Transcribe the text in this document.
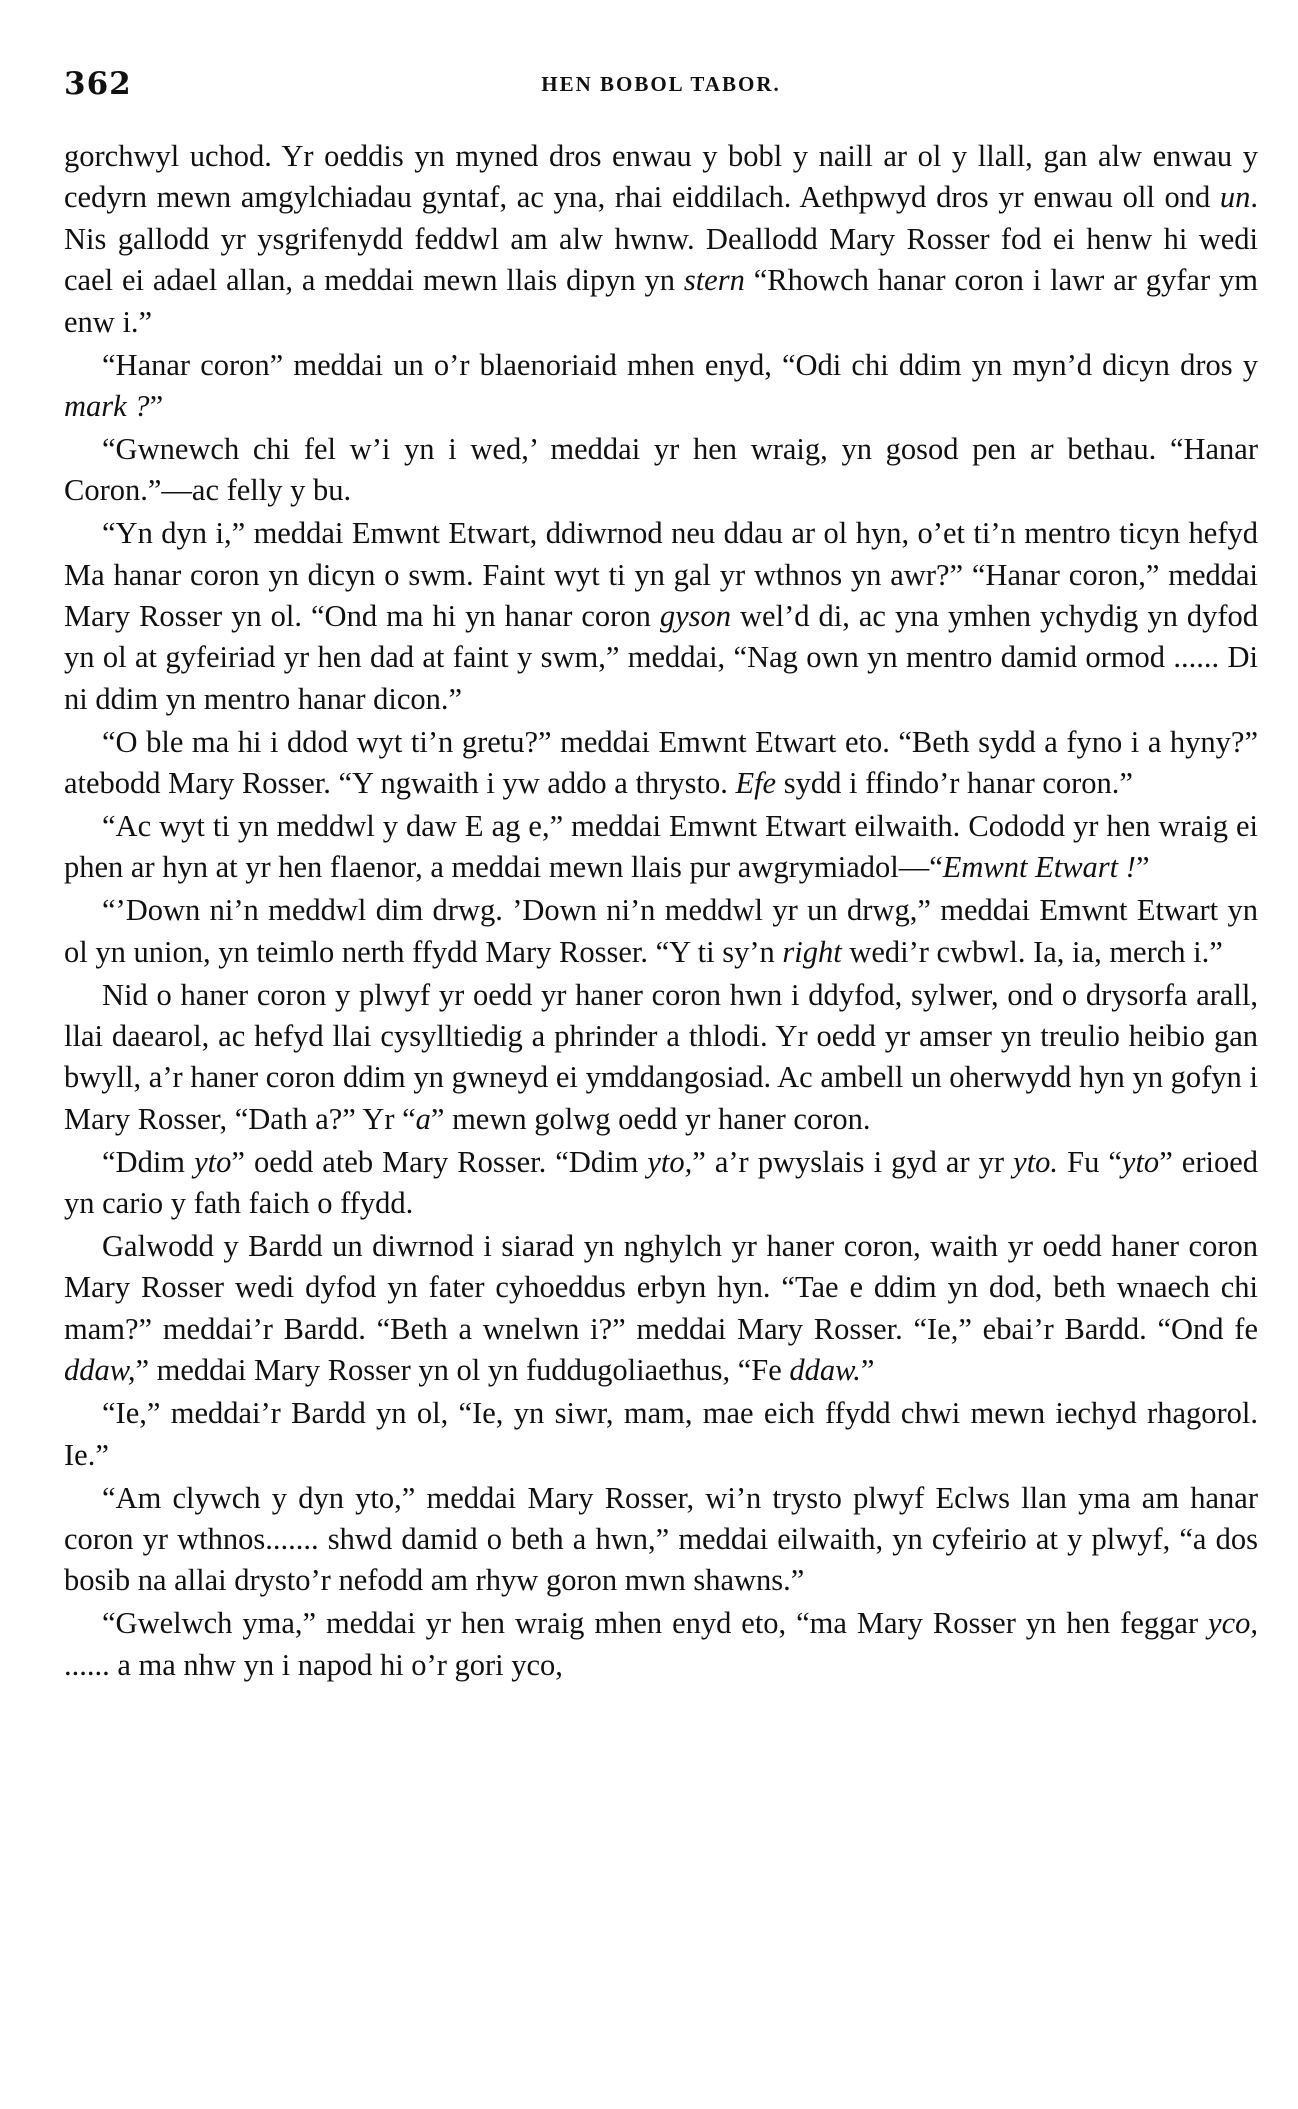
362	HEN BOBOL TABOR.

gorchwyl uchod. Yr oeddis yn myned dros enwau y bobl y naill ar ol y llall, gan alw enwau y cedyrn mewn amgylchiadau gyntaf, ac yna, rhai eiddilach. Aethpwyd dros yr enwau oll ond un. Nis gallodd yr ysgrifenydd feddwl am alw hwnw. Deallodd Mary Rosser fod ei henw hi wedi cael ei adael allan, a meddai mewn llais dipyn yn stern “Rhowch hanar coron i lawr ar gyfar ym enw i.”

“Hanar coron” meddai un o’r blaenoriaid mhen enyd, “Odi chi ddim yn myn’d dicyn dros y mark ?”

“Gwnewch chi fel w’i yn i wed,’ meddai yr hen wraig, yn gosod pen ar bethau. “Hanar Coron.”—ac felly y bu.

“Yn dyn i,” meddai Emwnt Etwart, ddiwrnod neu ddau ar ol hyn, o’et ti’n mentro ticyn hefyd Ma hanar coron yn dicyn o swm. Faint wyt ti yn gal yr wthnos yn awr?” “Hanar coron,” meddai Mary Rosser yn ol. “Ond ma hi yn hanar coron gyson wel’d di, ac yna ymhen ychydig yn dyfod yn ol at gyfeiriad yr hen dad at faint y swm,” meddai, “Nag own yn mentro damid ormod ...... Di ni ddim yn mentro hanar dicon.”

“O ble ma hi i ddod wyt ti’n gretu?” meddai Emwnt Etwart eto. “Beth sydd a fyno i a hyny?” atebodd Mary Rosser. “Y ngwaith i yw addo a thrysto. Efe sydd i ffindo’r hanar coron.”

“Ac wyt ti yn meddwl y daw E ag e,” meddai Emwnt Etwart eilwaith. Cododd yr hen wraig ei phen ar hyn at yr hen flaenor, a meddai mewn llais pur awgrymiadol—“Emwnt Etwart !”

“’Down ni’n meddwl dim drwg. ’Down ni’n meddwl yr un drwg,” meddai Emwnt Etwart yn ol yn union, yn teimlo nerth ffydd Mary Rosser. “Y ti sy’n right wedi’r cwbwl. Ia, ia, merch i.”

Nid o haner coron y plwyf yr oedd yr haner coron hwn i ddyfod, sylwer, ond o drysorfa arall, llai daearol, ac hefyd llai cysylltiedig a phrinder a thlodi. Yr oedd yr amser yn treulio heibio gan bwyll, a’r haner coron ddim yn gwneyd ei ymddangosiad. Ac ambell un oherwydd hyn yn gofyn i Mary Rosser, “Dath a?” Yr “a” mewn golwg oedd yr haner coron.

“Ddim yto” oedd ateb Mary Rosser. “Ddim yto,” a’r pwyslais i gyd ar yr yto. Fu “yto” erioed yn cario y fath faich o ffydd.

Galwodd y Bardd un diwrnod i siarad yn nghylch yr haner coron, waith yr oedd haner coron Mary Rosser wedi dyfod yn fater cyhoeddus erbyn hyn. “Tae e ddim yn dod, beth wnaech chi mam?” meddai’r Bardd. “Beth a wnelwn i?” meddai Mary Rosser. “Ie,” ebai’r Bardd. “Ond fe ddaw,” meddai Mary Rosser yn ol yn fuddugoliaethus, “Fe ddaw.”

“Ie,” meddai’r Bardd yn ol, “Ie, yn siwr, mam, mae eich ffydd chwi mewn iechyd rhagorol. Ie.”

“Am clywch y dyn yto,” meddai Mary Rosser, wi’n trysto plwyf Eclws llan yma am hanar coron yr wthnos....... shwd damid o beth a hwn,” meddai eilwaith, yn cyfeirio at y plwyf, “a dos bosib na allai drysto’r nefodd am rhyw goron mwn shawns.”

“Gwelwch yma,” meddai yr hen wraig mhen enyd eto, “ma Mary Rosser yn hen feggar yco, ...... a ma nhw yn i napod hi o’r gori yco,
